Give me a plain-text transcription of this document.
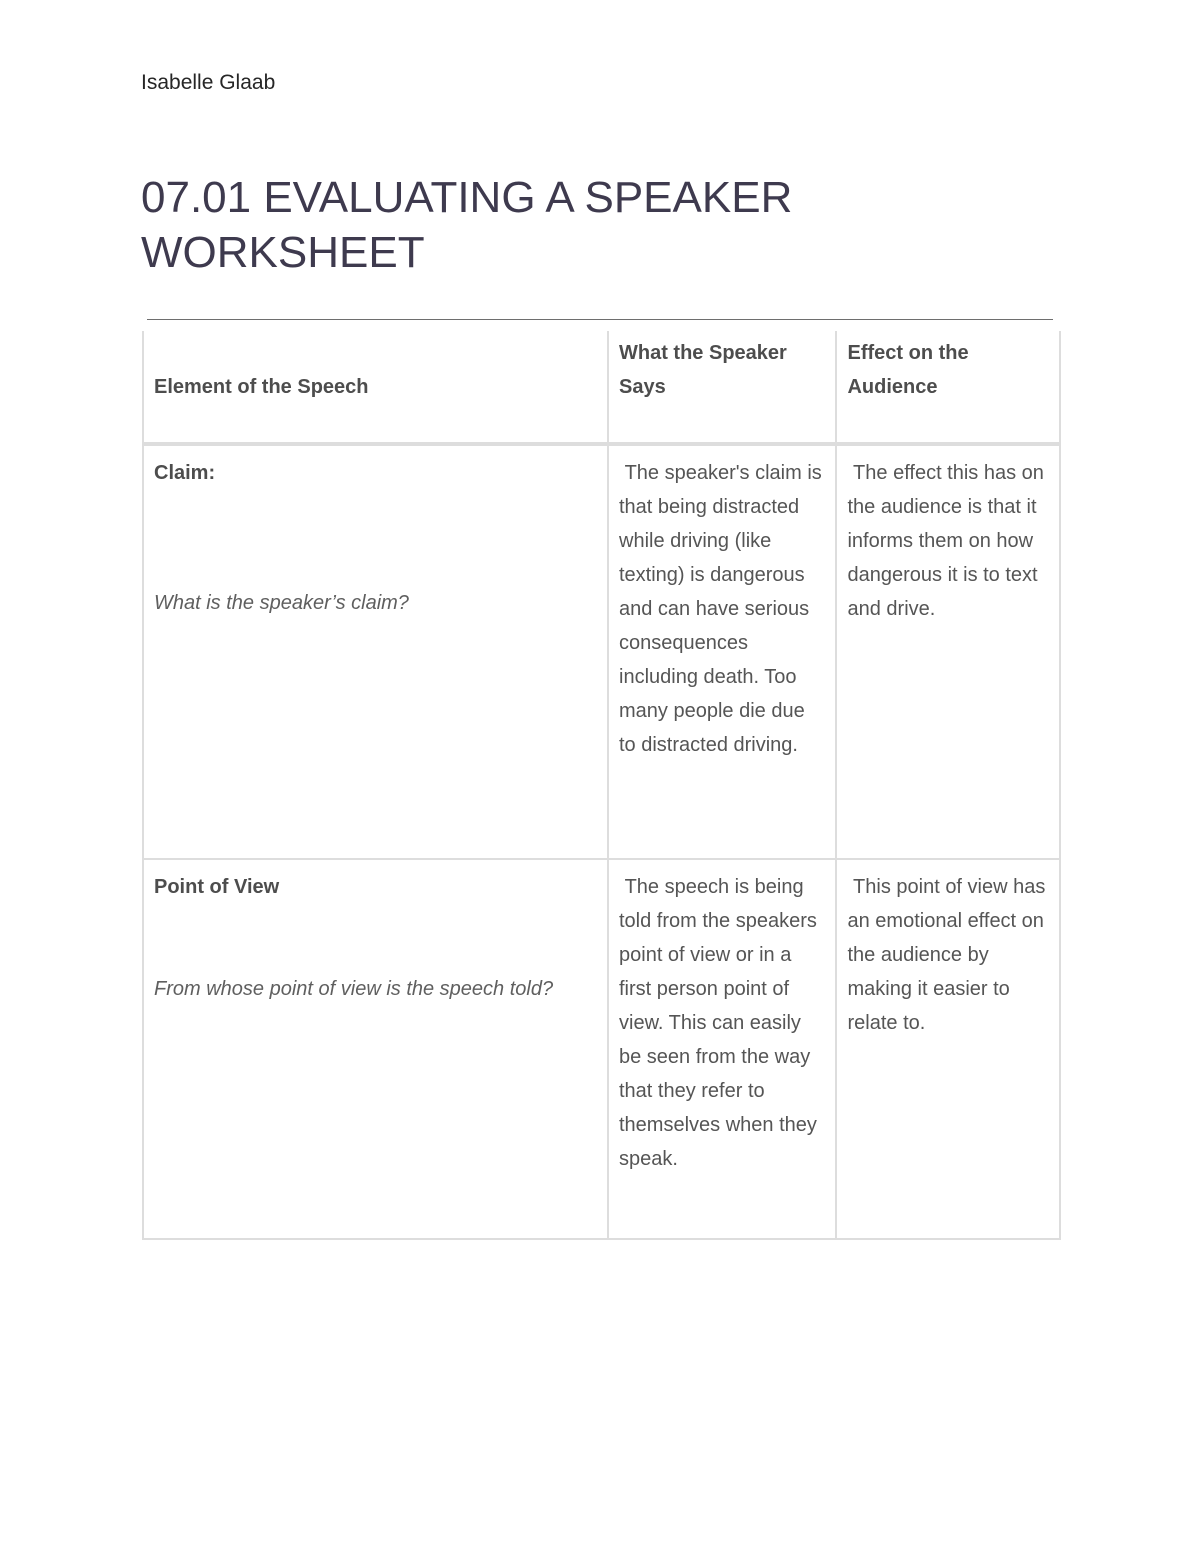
Isabelle Glaab
07.01 EVALUATING A SPEAKER WORKSHEET
Element of the Speech	What the Speaker Says	Effect on the Audience

Claim:
What is the speaker’s claim?	The speaker's claim is that being distracted while driving (like texting) is dangerous and can have serious consequences including death. Too many people die due to distracted driving.	The effect this has on the audience is that it informs them on how dangerous it is to text and drive.

Point of View
From whose point of view is the speech told?	The speech is being told from the speakers point of view or in a first person point of view. This can easily be seen from the way that they refer to themselves when they speak.	This point of view has an emotional effect on the audience by making it easier to relate to.
